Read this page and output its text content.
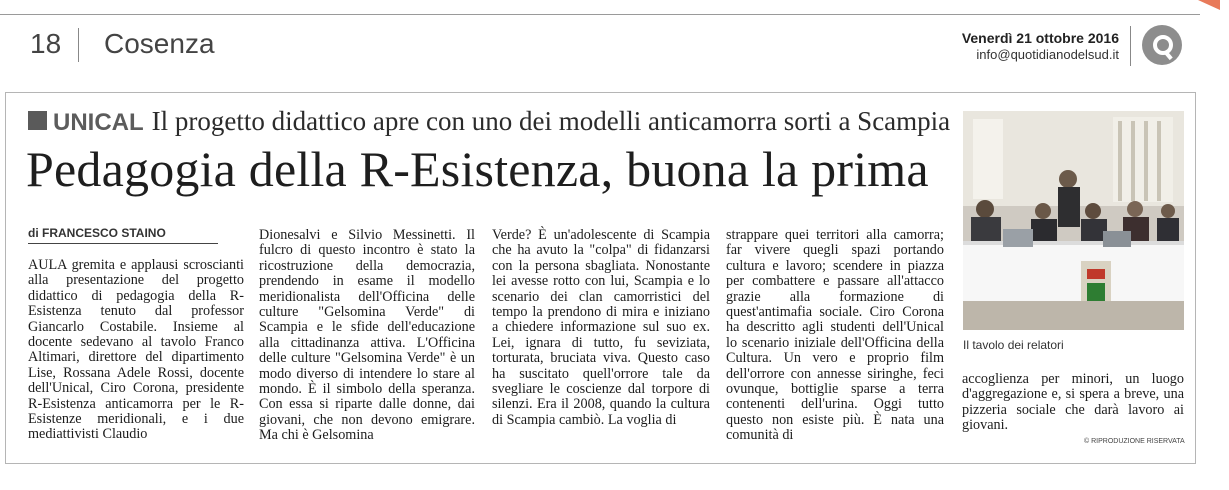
18 Cosenza	Venerdì 21 ottobre 2016
info@quotidianodelsud.it
UNICAL Il progetto didattico apre con uno dei modelli anticamorra sorti a Scampia
Pedagogia della R-Esistenza, buona la prima
di FRANCESCO STAINO
AULA gremita e applausi scroscianti alla presentazione del progetto didattico di pedagogia della R-Esistenza tenuto dal professor Giancarlo Costabile. Insieme al docente sedevano al tavolo Franco Altimari, direttore del dipartimento Lise, Rossana Adele Rossi, docente dell'Unical, Ciro Corona, presidente R-Esistenza anticamorra per le R-Esistenze meridionali, e i due mediattivisti Claudio
Dionesalvi e Silvio Messinetti. Il fulcro di questo incontro è stato la ricostruzione della democrazia, prendendo in esame il modello meridionalista dell'Officina delle culture "Gelsomina Verde" di Scampia e le sfide dell'educazione alla cittadinanza attiva. L'Officina delle culture "Gelsomina Verde" è un modo diverso di intendere lo stare al mondo. È il simbolo della speranza. Con essa si riparte dalle donne, dai giovani, che non devono emigrare. Ma chi è Gelsomina
Verde? È un'adolescente di Scampia che ha avuto la "colpa" di fidanzarsi con la persona sbagliata. Nonostante lei avesse rotto con lui, Scampia e lo scenario dei clan camorristici del tempo la prendono di mira e iniziano a chiedere informazione sul suo ex. Lei, ignara di tutto, fu seviziata, torturata, bruciata viva. Questo caso ha suscitato quell'orrore tale da svegliare le coscienze dal torpore di silenzi. Era il 2008, quando la cultura di Scampia cambiò. La voglia di
strappare quei territori alla camorra; far vivere quegli spazi portando cultura e lavoro; scendere in piazza per combattere e passare all'attacco grazie alla formazione di quest'antimafia sociale. Ciro Corona ha descritto agli studenti dell'Unical lo scenario iniziale dell'Officina della Cultura. Un vero e proprio film dell'orrore con annesse siringhe, feci ovunque, bottiglie sparse a terra contenenti dell'urina. Oggi tutto questo non esiste più. È nata una comunità di
Il tavolo dei relatori
accoglienza per minori, un luogo d'aggregazione e, si spera a breve, una pizzeria sociale che darà lavoro ai giovani.
© RIPRODUZIONE RISERVATA
